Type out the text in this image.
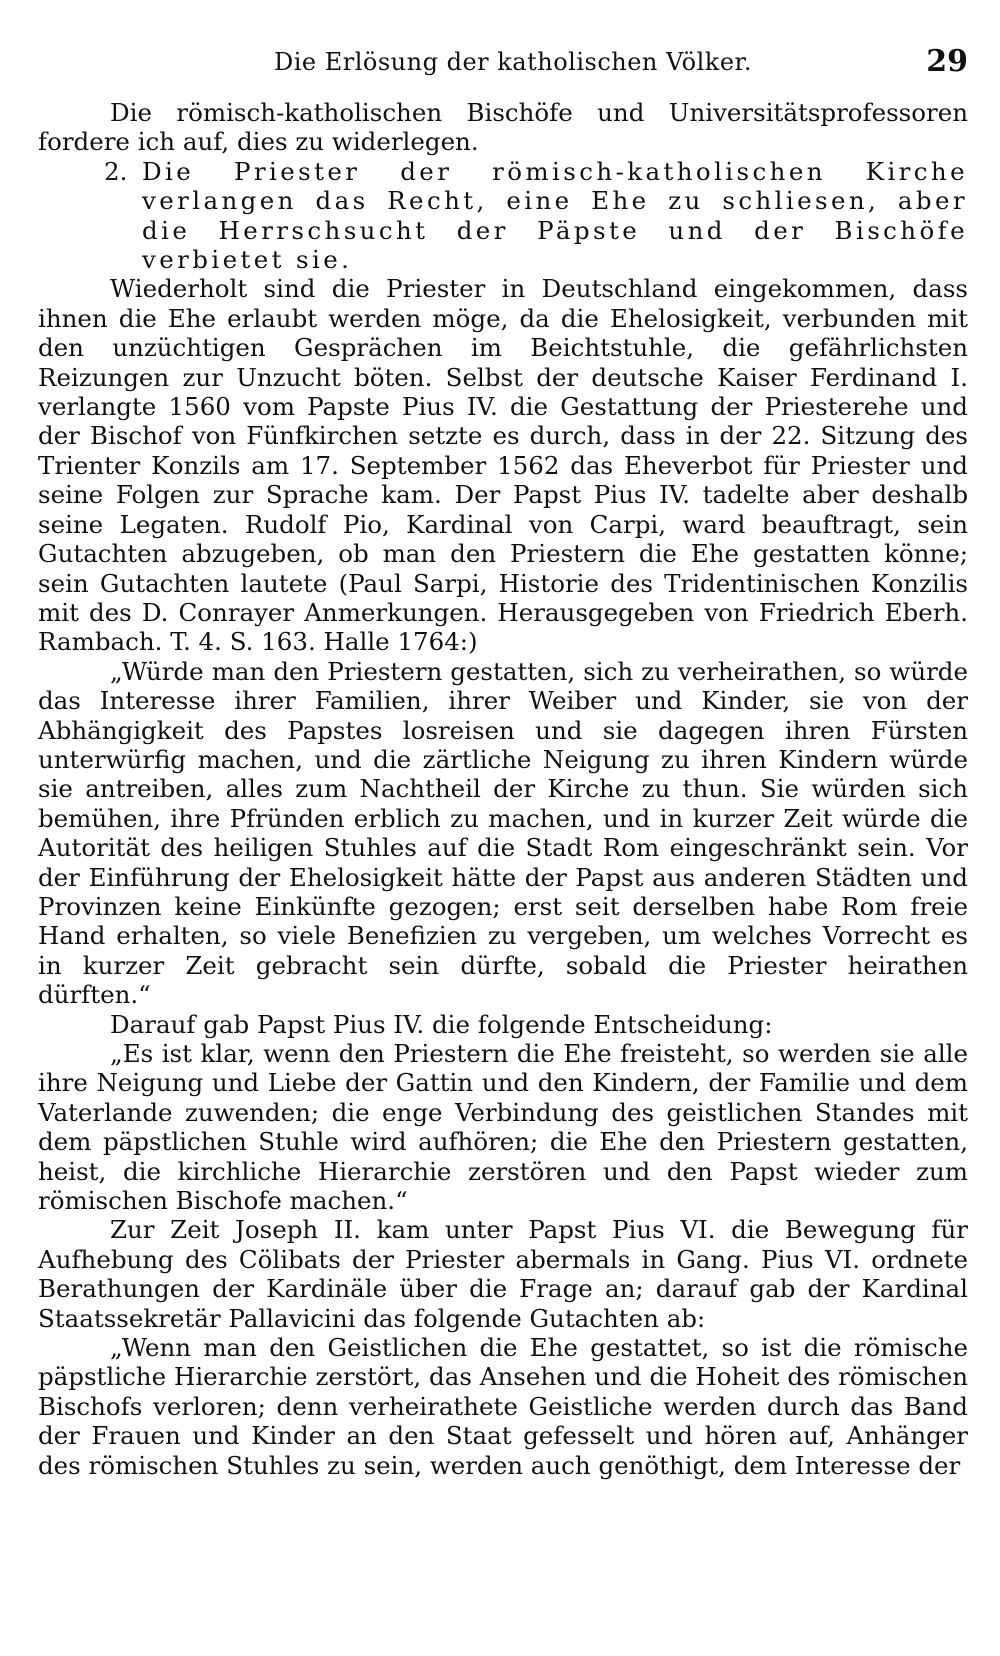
Die Erlösung der katholischen Völker.	29

Die römisch-katholischen Bischöfe und Universitätsprofessoren fordere ich auf, dies zu widerlegen.

2. Die Priester der römisch-katholischen Kirche verlangen das Recht, eine Ehe zu schliesen, aber die Herrschsucht der Päpste und der Bischöfe verbietet sie.

Wiederholt sind die Priester in Deutschland eingekommen, dass ihnen die Ehe erlaubt werden möge, da die Ehelosigkeit, verbunden mit den unzüchtigen Gesprächen im Beichtstuhle, die gefährlichsten Reizungen zur Unzucht böten. Selbst der deutsche Kaiser Ferdinand I. verlangte 1560 vom Papste Pius IV. die Gestattung der Priesterehe und der Bischof von Fünfkirchen setzte es durch, dass in der 22. Sitzung des Trienter Konzils am 17. September 1562 das Eheverbot für Priester und seine Folgen zur Sprache kam. Der Papst Pius IV. tadelte aber deshalb seine Legaten. Rudolf Pio, Kardinal von Carpi, ward beauftragt, sein Gutachten abzugeben, ob man den Priestern die Ehe gestatten könne; sein Gutachten lautete (Paul Sarpi, Historie des Tridentinischen Konzilis mit des D. Conrayer Anmerkungen. Herausgegeben von Friedrich Eberh. Rambach. T. 4. S. 163. Halle 1764:)

„Würde man den Priestern gestatten, sich zu verheirathen, so würde das Interesse ihrer Familien, ihrer Weiber und Kinder, sie von der Abhängigkeit des Papstes losreisen und sie dagegen ihren Fürsten unterwürfig machen, und die zärtliche Neigung zu ihren Kindern würde sie antreiben, alles zum Nachtheil der Kirche zu thun. Sie würden sich bemühen, ihre Pfründen erblich zu machen, und in kurzer Zeit würde die Autorität des heiligen Stuhles auf die Stadt Rom eingeschränkt sein. Vor der Einführung der Ehelosigkeit hätte der Papst aus anderen Städten und Provinzen keine Einkünfte gezogen; erst seit derselben habe Rom freie Hand erhalten, so viele Benefizien zu vergeben, um welches Vorrecht es in kurzer Zeit gebracht sein dürfte, sobald die Priester heirathen dürften.“

Darauf gab Papst Pius IV. die folgende Entscheidung:

„Es ist klar, wenn den Priestern die Ehe freisteht, so werden sie alle ihre Neigung und Liebe der Gattin und den Kindern, der Familie und dem Vaterlande zuwenden; die enge Verbindung des geistlichen Standes mit dem päpstlichen Stuhle wird aufhören; die Ehe den Priestern gestatten, heist, die kirchliche Hierarchie zerstören und den Papst wieder zum römischen Bischofe machen.“

Zur Zeit Joseph II. kam unter Papst Pius VI. die Bewegung für Aufhebung des Cölibats der Priester abermals in Gang. Pius VI. ordnete Berathungen der Kardinäle über die Frage an; darauf gab der Kardinal Staatssekretär Pallavicini das folgende Gutachten ab:

„Wenn man den Geistlichen die Ehe gestattet, so ist die römische päpstliche Hierarchie zerstört, das Ansehen und die Hoheit des römischen Bischofs verloren; denn verheirathete Geistliche werden durch das Band der Frauen und Kinder an den Staat gefesselt und hören auf, Anhänger des römischen Stuhles zu sein, werden auch genöthigt, dem Interesse der
